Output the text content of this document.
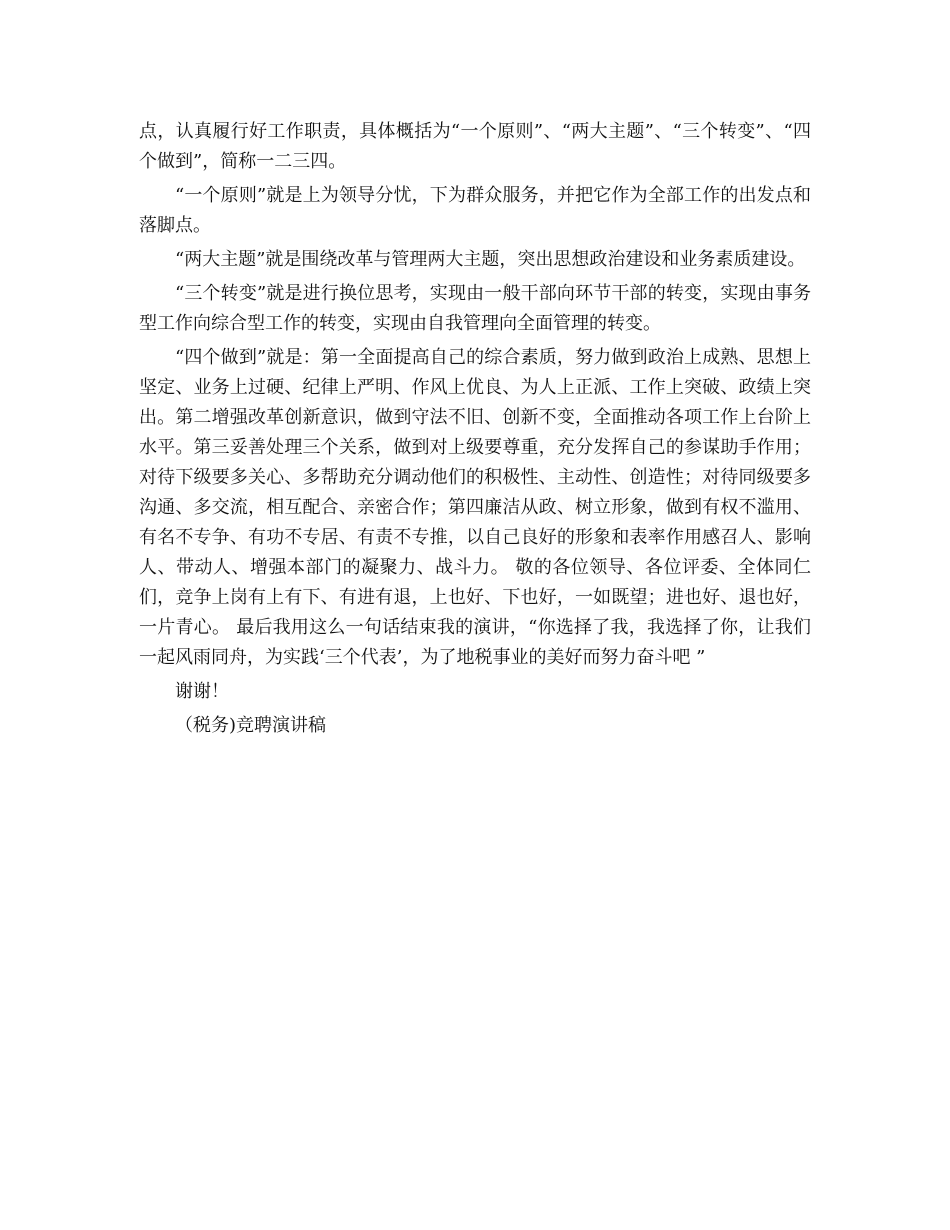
点，认真履行好工作职责，具体概括为“一个原则”、“两大主题”、“三个转变”、“四个做到”，简称一二三四。

“一个原则”就是上为领导分忧，下为群众服务，并把它作为全部工作的出发点和落脚点。

“两大主题”就是围绕改革与管理两大主题，突出思想政治建设和业务素质建设。

“三个转变”就是进行换位思考，实现由一般干部向环节干部的转变，实现由事务型工作向综合型工作的转变，实现由自我管理向全面管理的转变。

“四个做到”就是：第一全面提高自己的综合素质，努力做到政治上成熟、思想上坚定、业务上过硬、纪律上严明、作风上优良、为人上正派、工作上突破、政绩上突出。第二增强改革创新意识，做到守法不旧、创新不变，全面推动各项工作上台阶上水平。第三妥善处理三个关系，做到对上级要尊重，充分发挥自己的参谋助手作用；对待下级要多关心、多帮助充分调动他们的积极性、主动性、创造性；对待同级要多沟通、多交流，相互配合、亲密合作；第四廉洁从政、树立形象，做到有权不滥用、有名不专争、有功不专居、有责不专推，以自己良好的形象和表率作用感召人、影响人、带动人、增强本部门的凝聚力、战斗力。 敬的各位领导、各位评委、全体同仁们，竞争上岗有上有下、有进有退，上也好、下也好，一如既望；进也好、退也好，一片青心。 最后我用这么一句话结束我的演讲，“你选择了我，我选择了你，让我们一起风雨同舟，为实践‘三个代表’，为了地税事业的美好而努力奋斗吧 ”

谢谢！

（税务)竞聘演讲稿
